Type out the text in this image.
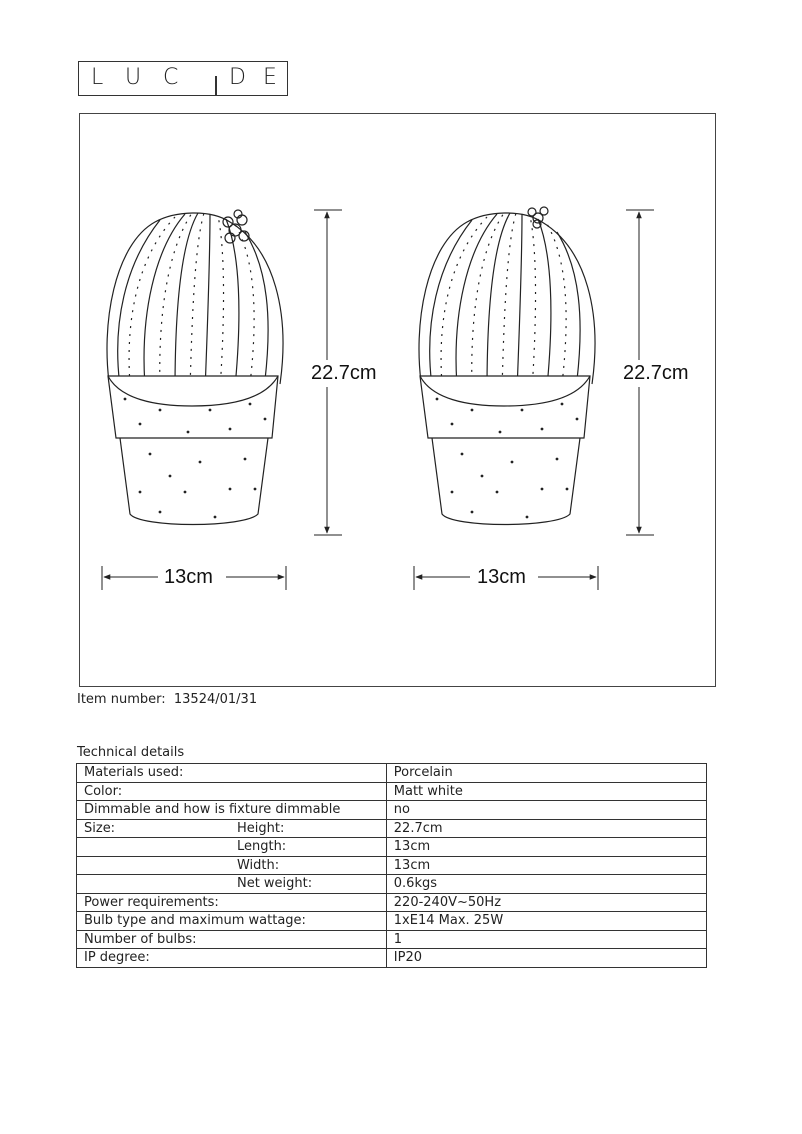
L U C D E
22.7cm
13cm
22.7cm
13cm
Item number: 13524/01/31
Technical details
Materials used:		Porcelain
Color:		Matt white
Dimmable and how is fixture dimmable		no
Size:	Height:	22.7cm
	Length:	13cm
	Width:	13cm
	Net weight:	0.6kgs
Power requirements:		220-240V~50Hz
Bulb type and maximum wattage:		1xE14 Max. 25W
Number of bulbs:		1
IP degree:		IP20
